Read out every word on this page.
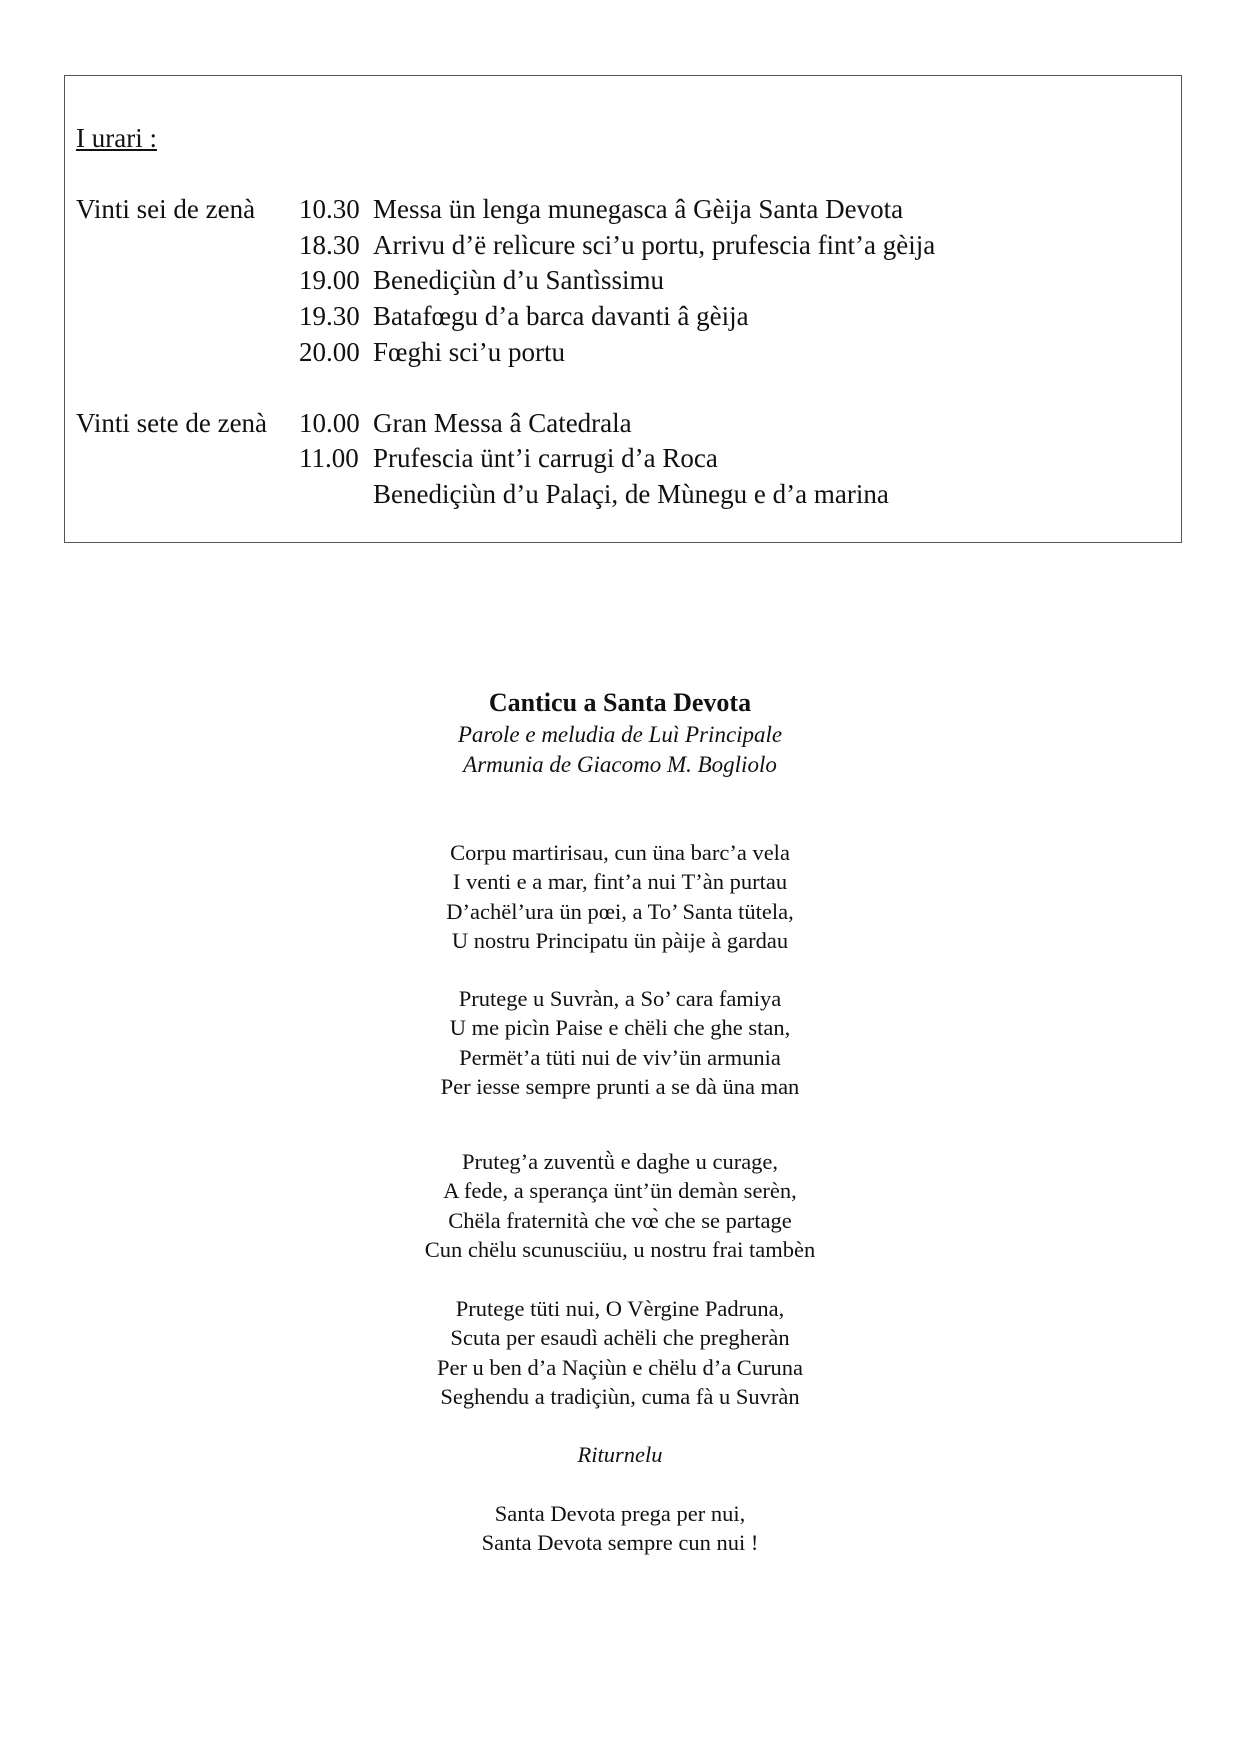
I urari :
Vinti sei de zenà 10.30 Messa ün lenga munegasca â Gèija Santa Devota
18.30 Arrivu d’ë relìcure sci’u portu, prufescia fint’a gèija
19.00 Benediçiùn d’u Santìssimu
19.30 Batafœgu d’a barca davanti â gèija
20.00 Fœghi sci’u portu
Vinti sete de zenà 10.00 Gran Messa â Catedrala
11.00 Prufescia ünt’i carrugi d’a Roca
Benediçiùn d’u Palaçi, de Mùnegu e d’a marina
Canticu a Santa Devota
Parole e meludia de Luì Principale
Armunia de Giacomo M. Bogliolo
Corpu martirisau, cun üna barc’a vela
I venti e a mar, fint’a nui T’àn purtau
D’achël’ura ün pœi, a To’ Santa tütela,
U nostru Principatu ün pàije à gardau
Prutege u Suvràn, a So’ cara famiya
U me picìn Paise e chëli che ghe stan,
Permët’a tüti nui de viv’ün armunia
Per iesse sempre prunti a se dà üna man
Pruteg’a zuventǜ e daghe u curage,
A fede, a sperança ünt’ün demàn serèn,
Chëla fraternità che vœ̀ che se partage
Cun chëlu scunusciüu, u nostru frai tambèn
Prutege tüti nui, O Vèrgine Padruna,
Scuta per esaudì achëli che pregheràn
Per u ben d’a Naçiùn e chëlu d’a Curuna
Seghendu a tradiçiùn, cuma fà u Suvràn
Riturnelu
Santa Devota prega per nui,
Santa Devota sempre cun nui !
